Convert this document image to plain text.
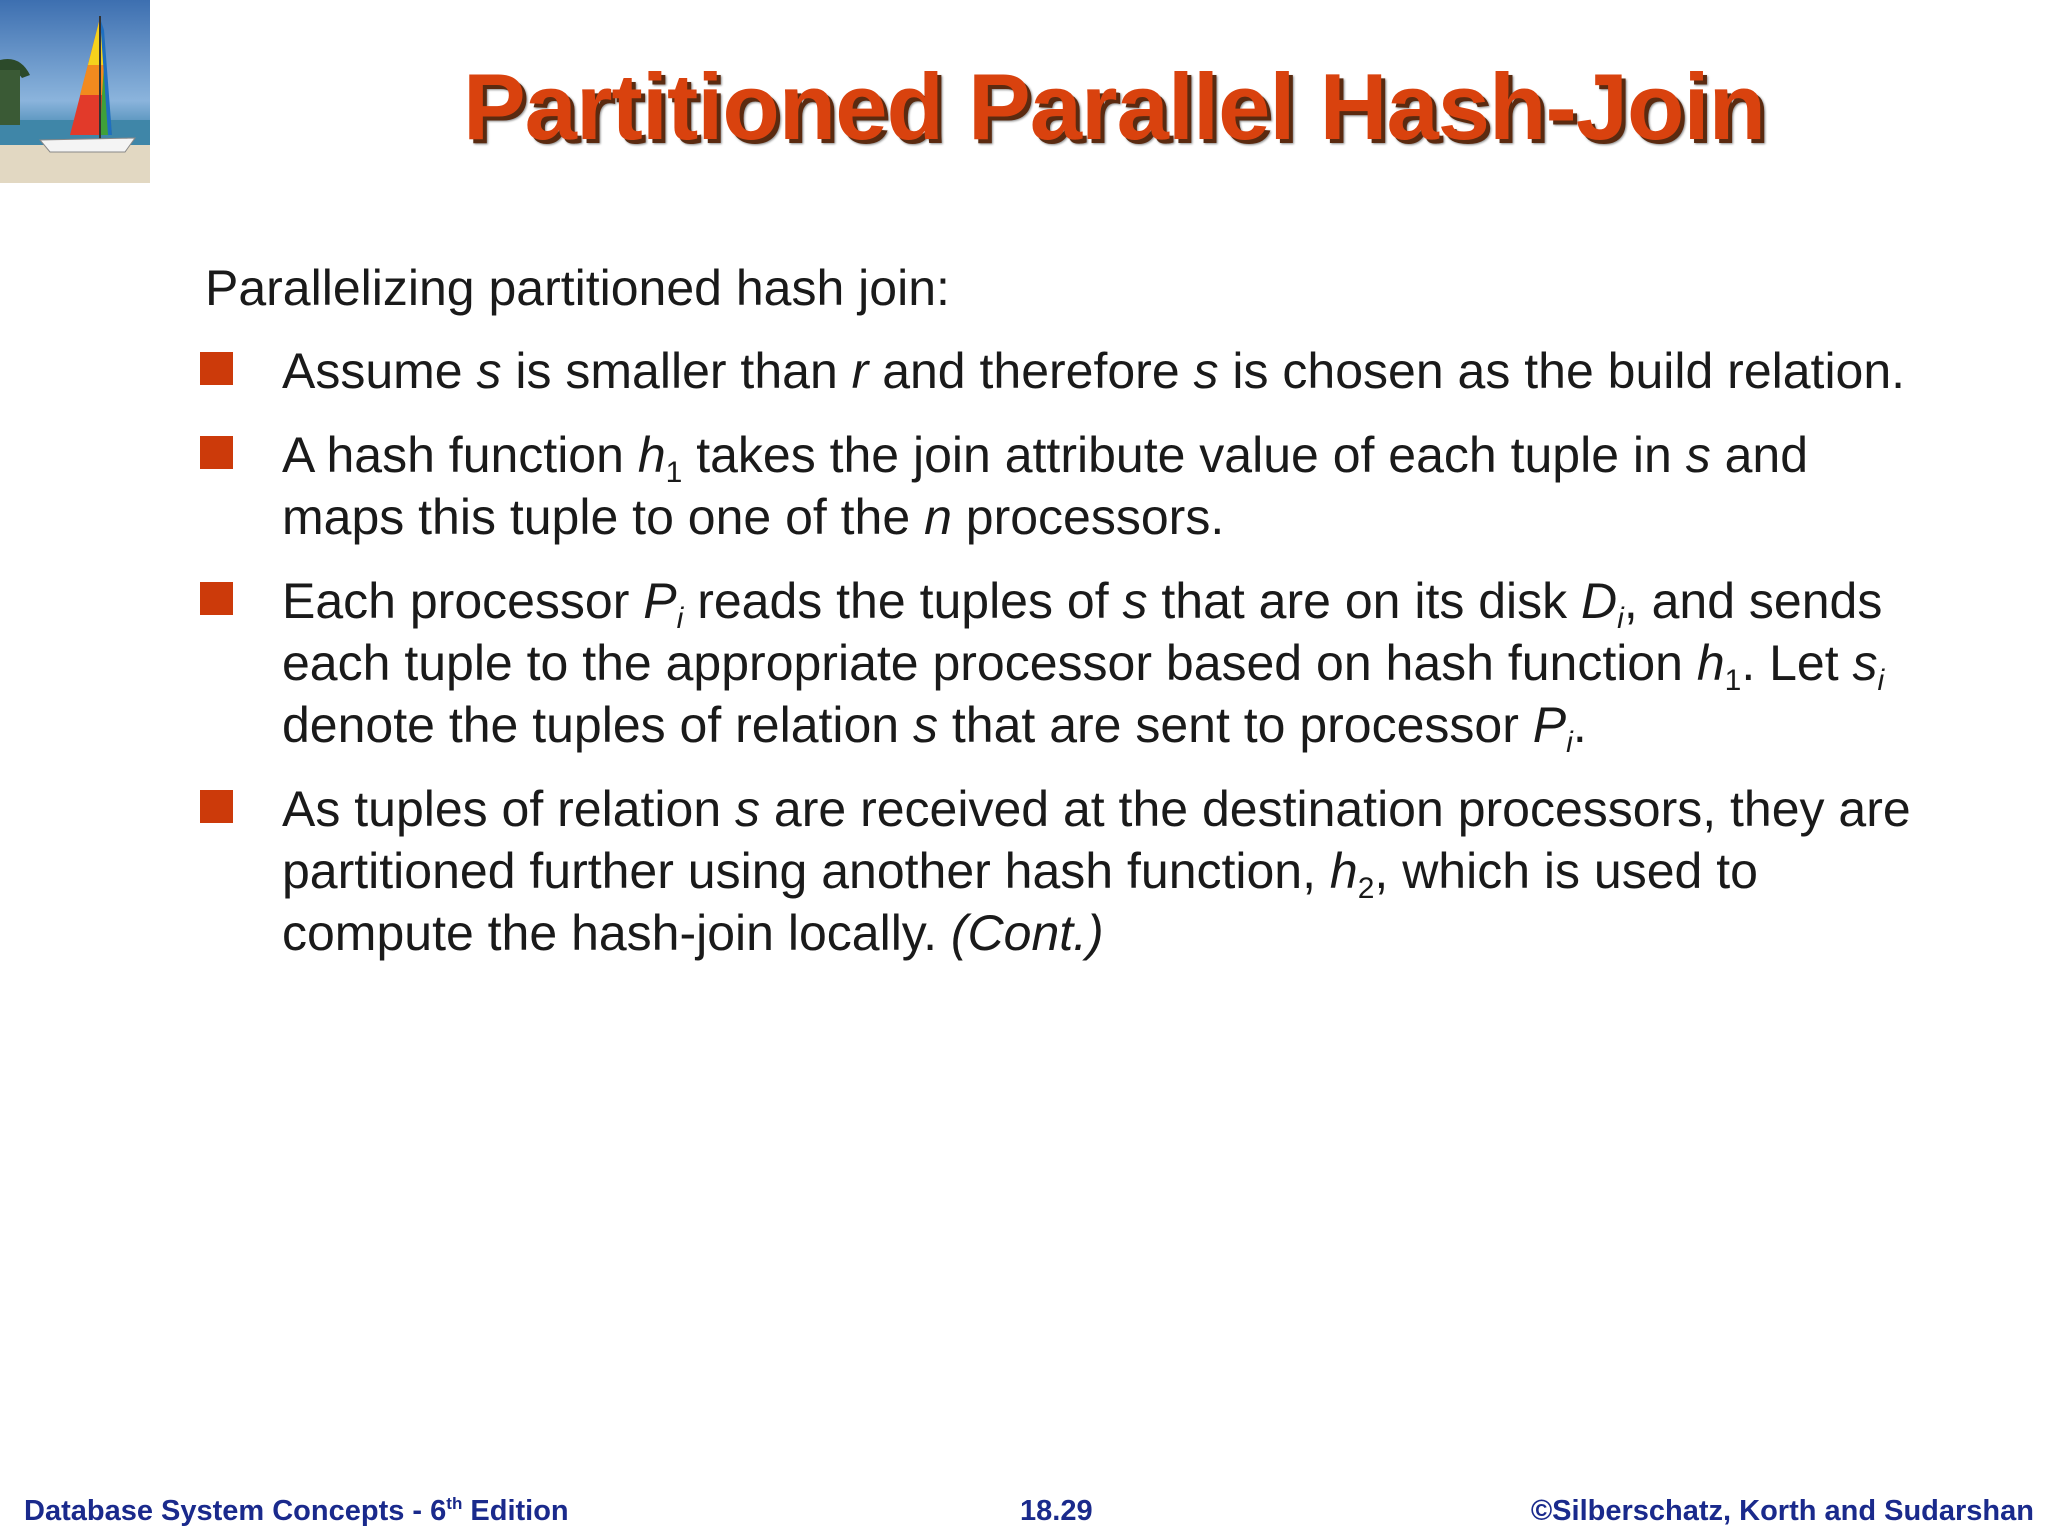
Partitioned Parallel Hash-Join

Parallelizing partitioned hash join:

Assume s is smaller than r and therefore s is chosen as the build relation.
A hash function $h_1$ takes the join attribute value of each tuple in s and maps this tuple to one of the n processors.
Each processor $P_i$ reads the tuples of s that are on its disk $D_i$, and sends each tuple to the appropriate processor based on hash function $h_1$. Let $s_i$ denote the tuples of relation s that are sent to processor $P_i$.
As tuples of relation s are received at the destination processors, they are partitioned further using another hash function, $h_2$, which is used to compute the hash-join locally. (Cont.)
Database System Concepts - 6th Edition	18.29	©Silberschatz, Korth and Sudarshan
